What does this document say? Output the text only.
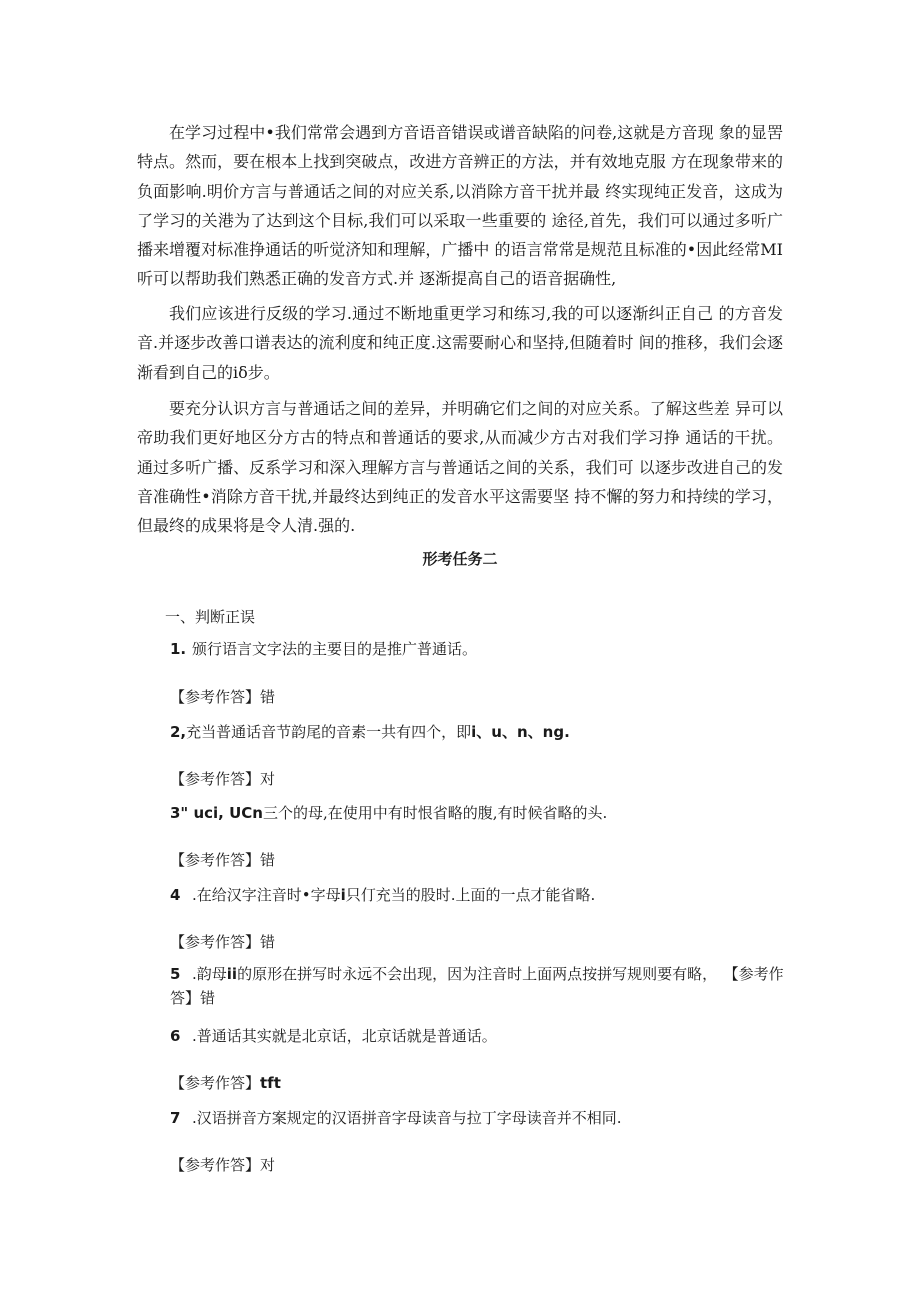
在学习过程中•我们常常会遇到方音语音错误或谱音缺陷的问卷,这就是方音现 象的显罟特点。然而，要在根本上找到突破点，改进方音辨正的方法，并有效地克服 方在现象带来的负面影响.明价方言与普通话之间的对应关系,以消除方音干扰并最 终实现纯正发音，这成为了学习的关港为了达到这个目标,我们可以采取一些重要的 途径,首先，我们可以通过多听广播来增覆对标准挣通话的听觉济知和理解，广播中 的语言常常是规范且标准的•因此经常MI听可以帮助我们熟悉正确的发音方式.并 逐渐提高自己的语音据确性,

我们应该进行反级的学习.通过不断地重更学习和练习,我的可以逐渐纠正自己 的方音发音.并逐步改善口谱表达的流利度和纯正度.这需要耐心和坚持,但随着时 间的推移，我们会逐渐看到自己的iδ步。

要充分认识方言与普通话之间的差异，并明确它们之间的对应关系。了解这些差 异可以帝助我们更好地区分方古的特点和普通话的要求,从而减少方古对我们学习挣 通话的干扰。通过多听广播、反系学习和深入理解方言与普通话之间的关系，我们可 以逐步改进自己的发音准确性•消除方音干扰,并最终达到纯正的发音水平这需要坚 持不懈的努力和持续的学习，但最终的成果将是令人清.强的.

形考任务二
一、判断正误
1. 颁行语言文字法的主要目的是推广普通话。
【参考作答】错
2,充当普通话音节韵尾的音素一共有四个，即i、u、n、ng.
【参考作答】对
3" uci, UCn三个的母,在使用中有时恨省略的腹,有时候省略的头.
【参考作答】错
4 .在给汉字注音时•字母i只仃充当的股时.上面的一点才能省略.
【参考作答】错
5 .韵母ii的原形在拼写时永远不会出现，因为注音时上面两点按拼写规则要有略， 【参考作答】错
6 .普通话其实就是北京话，北京话就是普通话。
【参考作答】tft
7 .汉语拼音方案规定的汉语拼音字母读音与拉丁字母读音并不相同.
【参考作答】对
